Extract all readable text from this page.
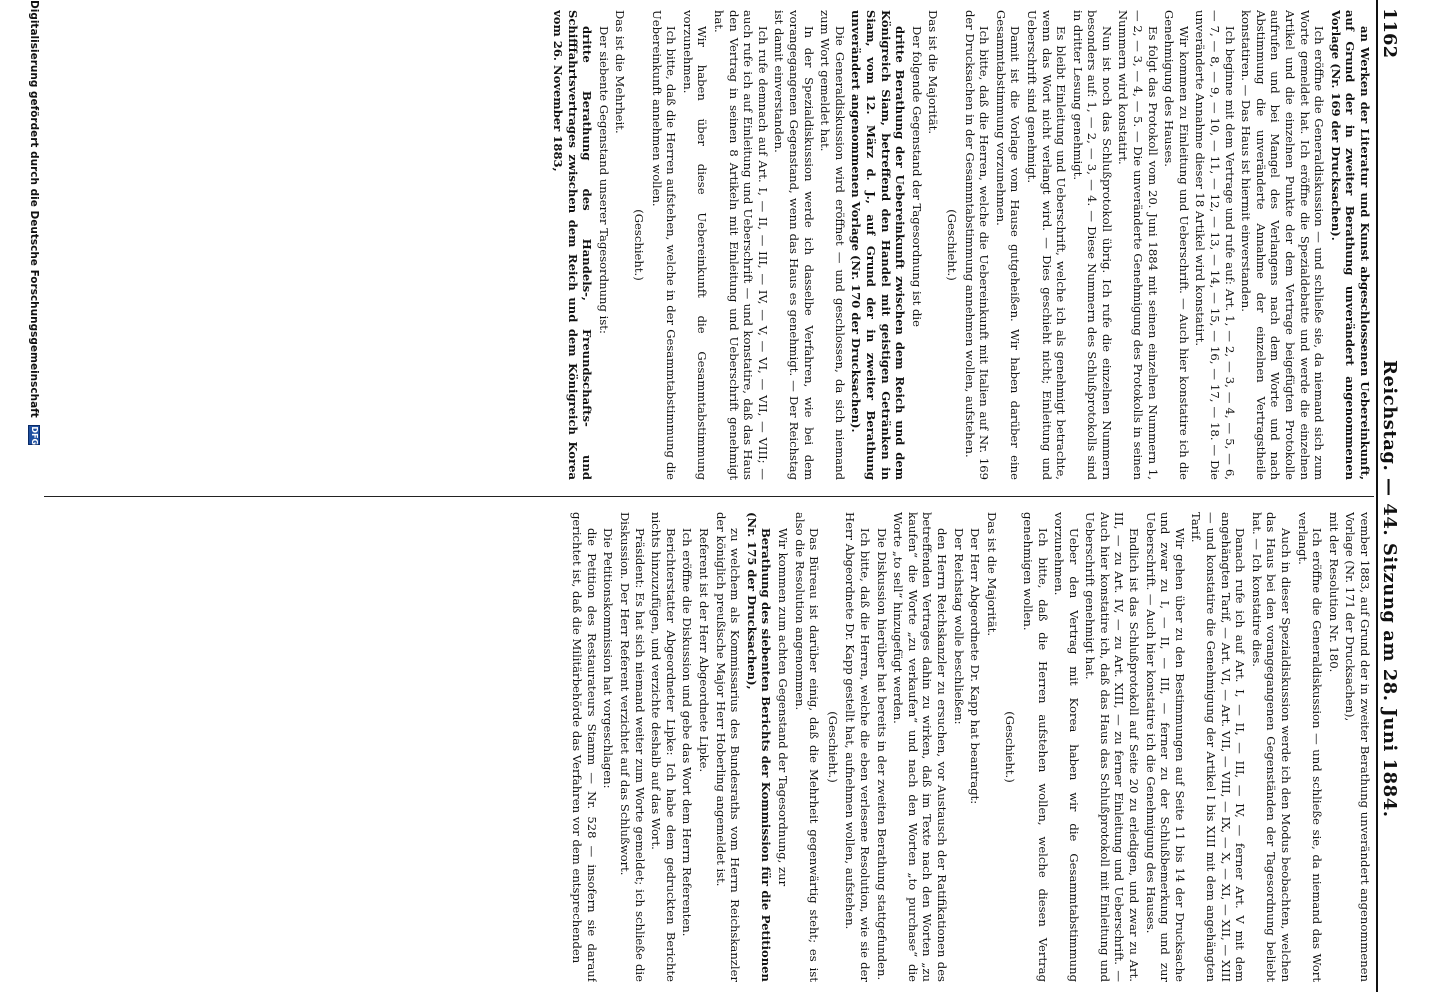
1162
Reichstag. — 44. Sitzung am 28. Juni 1884.

an Werken der Literatur und Kunst abgeschlossenen Uebereinkunft, auf Grund der in zweiter Berathung unverändert angenommenen Vorlage (Nr. 169 der Drucksachen).

Ich eröffne die Generaldiskussion — und schließe sie, da niemand sich zum Worte gemeldet hat. Ich eröffne die Spezialdebatte und werde die einzelnen Artikel und die einzelnen Punkte der dem Vertrage beigefügten Protokolle aufrufen und bei Mangel des Verlangens nach dem Worte und nach Abstimmung die unveränderte Annahme der einzelnen Vertragstheile konstatiren. — Das Haus ist hiermit einverstanden.

Ich beginne mit dem Vertrage und rufe auf: Art. 1, — 2, — 3, — 4, — 5, — 6, — 7, — 8, — 9, — 10, — 11, — 12, — 13, — 14, — 15, — 16, — 17, — 18. — Die unveränderte Annahme dieser 18 Artikel wird konstatirt.

Wir kommen zu Einleitung und Ueberschrift. — Auch hier konstatire ich die Genehmigung des Hauses.

Es folgt das Protokoll vom 20. Juni 1884 mit seinen einzelnen Nummern 1, — 2, — 3, — 4, — 5. — Die unveränderte Genehmigung des Protokolls in seinen Nummern wird konstatirt.

Nun ist noch das Schlußprotokoll übrig. Ich rufe die einzelnen Nummern besonders auf: 1, — 2, — 3, — 4. — Diese Nummern des Schlußprotokolls sind in dritter Lesung genehmigt.

Es bleibt Einleitung und Ueberschrift, welche ich als genehmigt betrachte, wenn das Wort nicht verlangt wird. — Dies geschieht nicht; Einleitung und Ueberschrift sind genehmigt.

Damit ist die Vorlage vom Hause gutgeheißen. Wir haben darüber eine Gesammtabstimmung vorzunehmen.

Ich bitte, daß die Herren, welche die Uebereinkunft mit Italien auf Nr. 169 der Drucksachen in der Gesammtabstimmung annehmen wollen, aufstehen.

(Geschieht.)

Das ist die Majorität.

Der folgende Gegenstand der Tagesordnung ist die

dritte Berathung der Uebereinkunft zwischen dem Reich und dem Königreich Siam, betreffend den Handel mit geistigen Getränken in Siam, vom 12. März d. J., auf Grund der in zweiter Berathung unverändert angenommenen Vorlage (Nr. 170 der Drucksachen).

Die Generaldiskussion wird eröffnet — und geschlossen, da sich niemand zum Wort gemeldet hat.

In der Spezialdiskussion werde ich dasselbe Verfahren, wie bei dem vorangegangenen Gegenstand, wenn das Haus es genehmigt. — Der Reichstag ist damit einverstanden.

Ich rufe demnach auf Art. I, — II, — III, — IV, — V, — VI, — VII, — VIII; — auch rufe ich auf Einleitung und Ueberschrift — und konstatire, daß das Haus den Vertrag in seinen 8 Artikeln mit Einleitung und Ueberschrift genehmigt hat.

Wir haben über diese Uebereinkunft die Gesammtabstimmung vorzunehmen.

Ich bitte, daß die Herren aufstehen, welche in der Gesammtabstimmung die Uebereinkunft annehmen wollen.

(Geschieht.)

Das ist die Mehrheit.

Der siebente Gegenstand unserer Tagesordnung ist:

dritte Berathung des Handels-, Freundschafts- und Schifffahrtsvertrages zwischen dem Reich und dem Königreich Korea vom 26. November 1883,

vember 1883, auf Grund der in zweiter Berathung unverändert angenommenen Vorlage (Nr. 171 der Drucksachen),

mit der Resolution Nr. 180.

Ich eröffne die Generaldiskussion — und schließe sie, da niemand das Wort verlangt.

Auch in dieser Spezialdiskussion werde ich den Modus beobachten, welchen das Haus bei den vorangegangenen Gegenständen der Tagesordnung beliebt hat. — Ich konstatire dies.

Danach rufe ich auf Art. I, — II, — III, — IV, — ferner Art. V mit dem angehängten Tarif, — Art. VI, — Art. VII, — VIII, — IX, — X, — XI, — XII, — XIII — und konstatire die Genehmigung der Artikel I bis XIII mit dem angehängten Tarif.

Wir gehen über zu den Bestimmungen auf Seite 11 bis 14 der Drucksache und zwar zu I, — II, — III, — ferner zu der Schlußbemerkung und zur Ueberschrift. — Auch hier konstatire ich die Genehmigung des Hauses.

Endlich ist das Schlußprotokoll auf Seite 20 zu erledigen, und zwar zu Art. III, — zu Art. IV, — zu Art. XIII, — zu ferner Einleitung und Ueberschrift. — Auch hier konstatire ich, daß das Haus das Schlußprotokoll mit Einleitung und Ueberschrift genehmigt hat.

Ueber den Vertrag mit Korea haben wir die Gesammtabstimmung vorzunehmen.

Ich bitte, daß die Herren aufstehen wollen, welche diesen Vertrag genehmigen wollen.

(Geschieht.)

Das ist die Majorität.

Der Herr Abgeordnete Dr. Kapp hat beantragt:

Der Reichstag wolle beschließen:

den Herrn Reichskanzler zu ersuchen, vor Austausch der Ratifikationen des betreffenden Vertrages dahin zu wirken, daß im Texte nach den Worten „zu kaufen“ die Worte „zu verkaufen“ und nach den Worten „to purchase“ die Worte „to sell“ hinzugefügt werden.

Die Diskussion hierüber hat bereits in der zweiten Berathung stattgefunden.

Ich bitte, daß die Herren, welche die eben verlesene Resolution, wie sie der Herr Abgeordnete Dr. Kapp gestellt hat, aufnehmen wollen, aufstehen.

(Geschieht.)

Das Büreau ist darüber einig, daß die Mehrheit gegenwärtig steht; es ist also die Resolution angenommen.

Wir kommen zum achten Gegenstand der Tagesordnung, zur

Berathung des siebenten Berichts der Kommission für die Petitionen (Nr. 175 der Drucksachen),

zu welchem als Kommissarius des Bundesraths vom Herrn Reichskanzler der königlich preußische Major Herr Hoberling angemeldet ist.

Referent ist der Herr Abgeordnete Lipke.

Ich eröffne die Diskussion und gebe das Wort dem Herrn Referenten.

Berichterstatter Abgeordneter Lipke: Ich habe dem gedruckten Berichte nichts hinzuzufügen, und verzichte deshalb auf das Wort.

Präsident: Es hat sich niemand weiter zum Worte gemeldet; ich schließe die Diskussion. Der Herr Referent verzichtet auf das Schlußwort.

Die Petitionskommission hat vorgeschlagen:

die Petition des Restaurateurs Stamm — Nr. 528 — insofern sie darauf gerichtet ist, daß die Militärbehörde das Verfahren vor dem entsprechenden

Digitalisierung gefördert durch die Deutsche Forschungsgemeinschaft DFG
